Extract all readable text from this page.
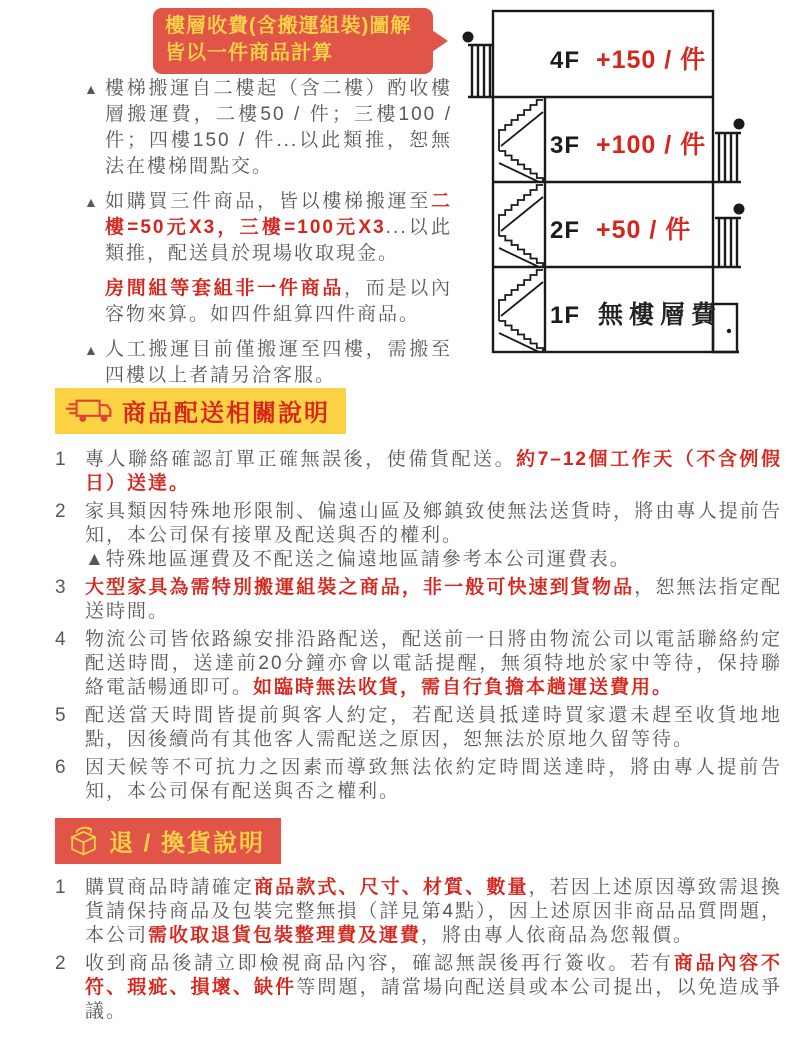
樓層收費(含搬運組裝)圖解
皆以一件商品計算
▲ 樓梯搬運自二樓起（含二樓）酌收樓層搬運費，二樓50 / 件；三樓100 / 件；四樓150 / 件...以此類推，恕無法在樓梯間點交。
▲ 如購買三件商品，皆以樓梯搬運至二樓=50元X3，三樓=100元X3...以此類推，配送員於現場收取現金。
房間組等套組非一件商品，而是以內容物來算。如四件組算四件商品。
▲ 人工搬運目前僅搬運至四樓，需搬至四樓以上者請另洽客服。
4F +150 / 件
3F +100 / 件
2F +50 / 件
1F 無樓層費
商品配送相關說明
1 專人聯絡確認訂單正確無誤後，使備貨配送。約7–12個工作天（不含例假日）送達。
2 家具類因特殊地形限制、偏遠山區及鄉鎮致使無法送貨時，將由專人提前告知，本公司保有接單及配送與否的權利。
▲特殊地區運費及不配送之偏遠地區請參考本公司運費表。
3 大型家具為需特別搬運組裝之商品，非一般可快速到貨物品，恕無法指定配送時間。
4 物流公司皆依路線安排沿路配送，配送前一日將由物流公司以電話聯絡約定配送時間，送達前20分鐘亦會以電話提醒，無須特地於家中等待，保持聯絡電話暢通即可。如臨時無法收貨，需自行負擔本趟運送費用。
5 配送當天時間皆提前與客人約定，若配送員抵達時買家還未趕至收貨地地點，因後續尚有其他客人需配送之原因，恕無法於原地久留等待。
6 因天候等不可抗力之因素而導致無法依約定時間送達時，將由專人提前告知，本公司保有配送與否之權利。
退 / 換貨說明
1 購買商品時請確定商品款式、尺寸、材質、數量，若因上述原因導致需退換貨請保持商品及包裝完整無損（詳見第4點），因上述原因非商品品質問題，本公司需收取退貨包裝整理費及運費，將由專人依商品為您報價。
2 收到商品後請立即檢視商品內容，確認無誤後再行簽收。若有商品內容不符、瑕疵、損壞、缺件等問題，請當場向配送員或本公司提出，以免造成爭議。
